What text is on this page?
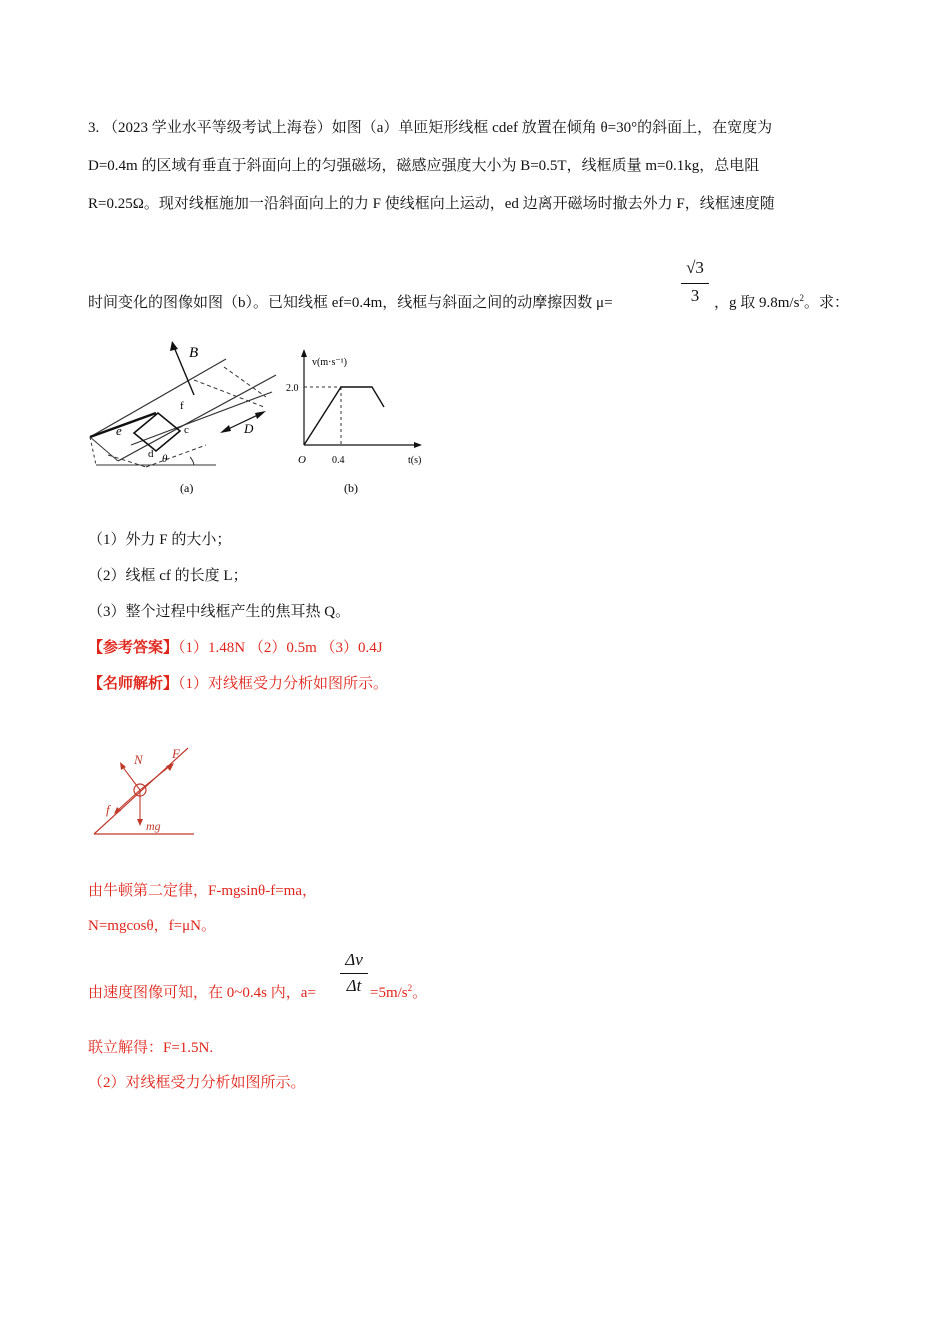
3. （2023 学业水平等级考试上海卷）如图（a）单匝矩形线框 cdef 放置在倾角 θ=30°的斜面上，在宽度为
D=0.4m 的区域有垂直于斜面向上的匀强磁场，磁感应强度大小为 B=0.5T，线框质量 m=0.1kg，总电阻
R=0.25Ω。现对线框施加一沿斜面向上的力 F 使线框向上运动，ed 边离开磁场时撤去外力 F，线框速度随
时间变化的图像如图（b）。已知线框 ef=0.4m，线框与斜面之间的动摩擦因数 μ=
√3
3 ，g 取 $9.8m/s^2$。求：
B
f
e	c
d
D
θ
(a)
v(m·s⁻¹)
2.0
O	0.4	t(s)
(b)
（1）外力 F 的大小；
（2）线框 cf 的长度 L；
（3）整个过程中线框产生的焦耳热 Q。
【参考答案】（1）1.48N （2）0.5m （3）0.4J
【名师解析】（1）对线框受力分析如图所示。
N F
f
mg
由牛顿第二定律，F-mgsinθ-f=ma，
N=mgcosθ，f=μN。
由速度图像可知，在 0~0.4s 内，a=
Δv
$\Delta t =5m/s^2$。
联立解得：F=1.5N.
（2）对线框受力分析如图所示。
